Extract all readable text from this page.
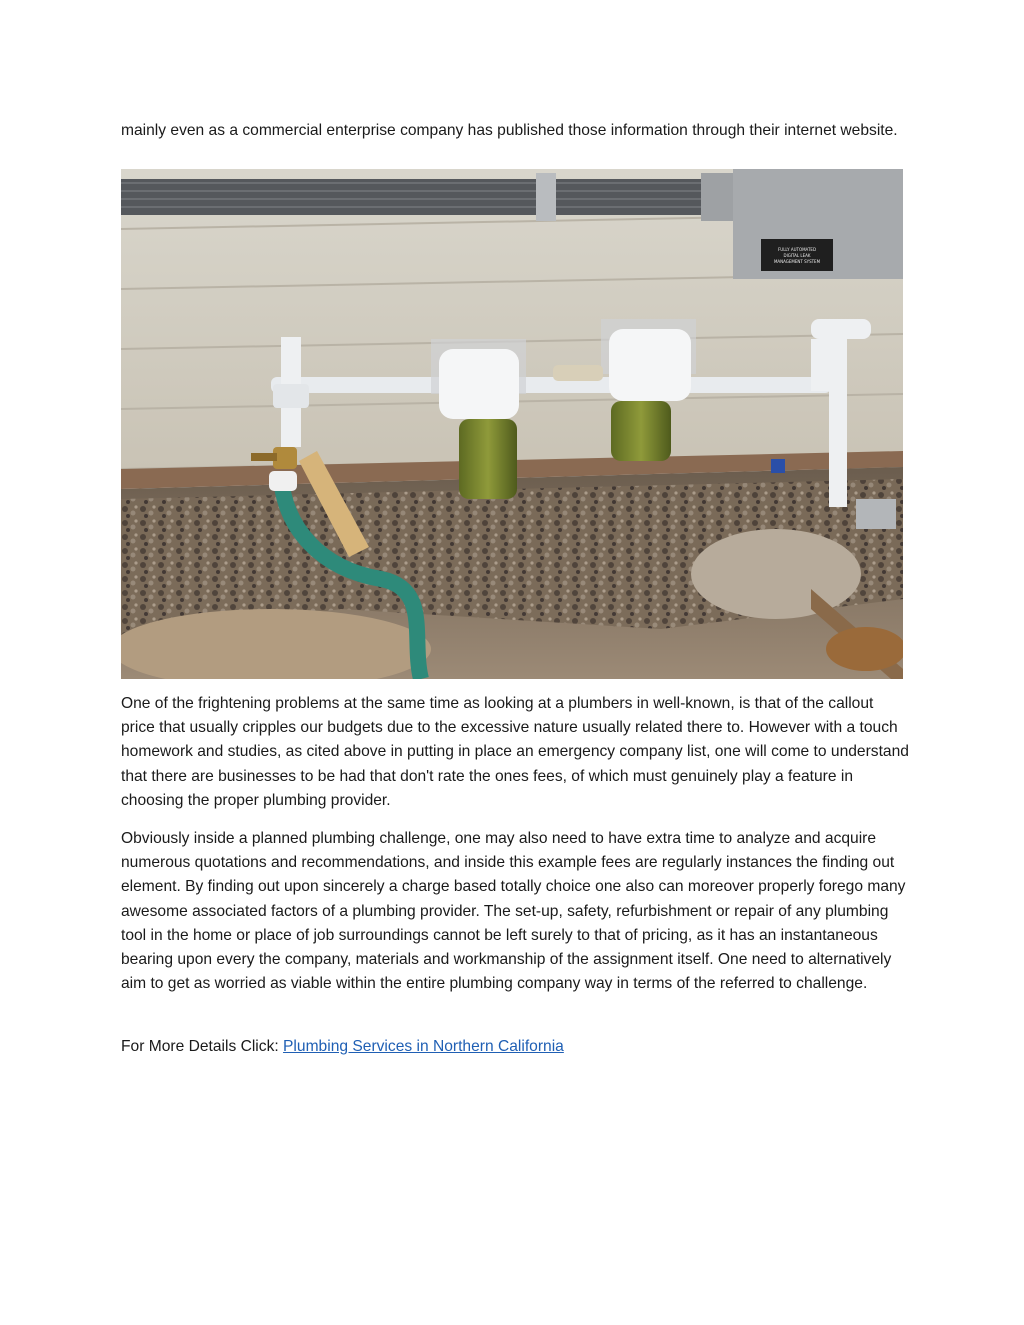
mainly even as a commercial enterprise company has published those information through their internet website.
FULLY AUTOMATED
DIGITAL LEAK
MANAGEMENT SYSTEM
One of the frightening problems at the same time as looking at a plumbers in well-known, is that of the callout price that usually cripples our budgets due to the excessive nature usually related there to. However with a touch homework and studies, as cited above in putting in place an emergency company list, one will come to understand that there are businesses to be had that don't rate the ones fees, of which must genuinely play a feature in choosing the proper plumbing provider.
Obviously inside a planned plumbing challenge, one may also need to have extra time to analyze and acquire numerous quotations and recommendations, and inside this example fees are regularly instances the finding out element. By finding out upon sincerely a charge based totally choice one also can moreover properly forego many awesome associated factors of a plumbing provider. The set-up, safety, refurbishment or repair of any plumbing tool in the home or place of job surroundings cannot be left surely to that of pricing, as it has an instantaneous bearing upon every the company, materials and workmanship of the assignment itself. One need to alternatively aim to get as worried as viable within the entire plumbing company way in terms of the referred to challenge.
For More Details Click: Plumbing Services in Northern California
